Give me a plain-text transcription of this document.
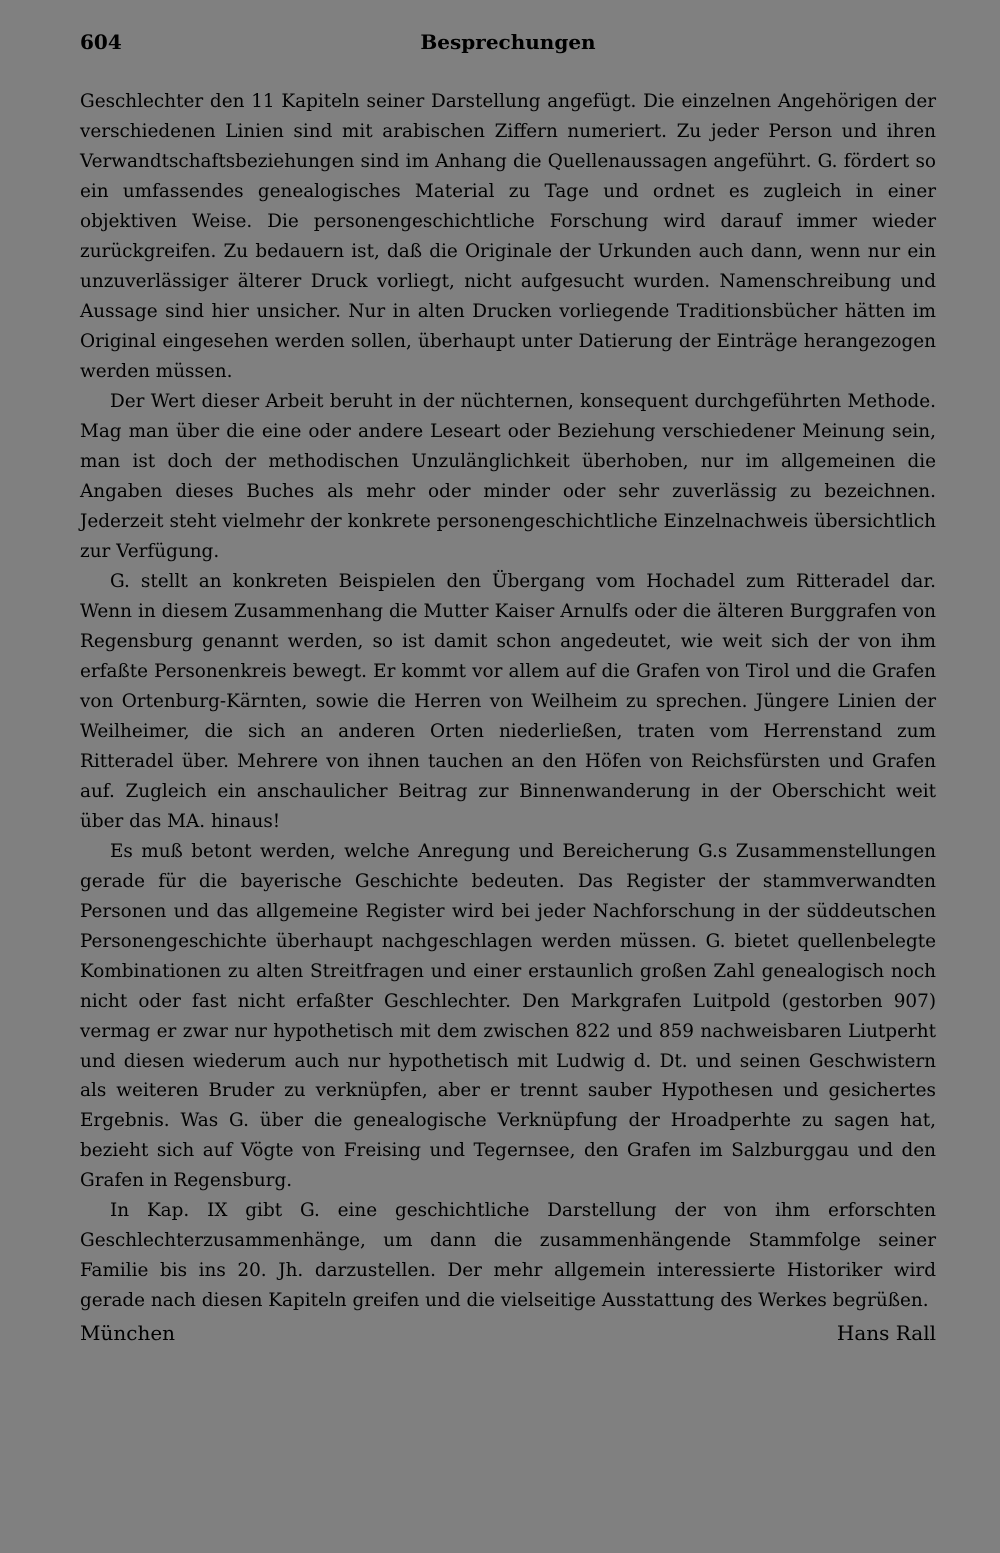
604	Besprechungen

Geschlechter den 11 Kapiteln seiner Darstellung angefügt. Die einzelnen Angehörigen der verschiedenen Linien sind mit arabischen Ziffern numeriert. Zu jeder Person und ihren Verwandtschaftsbeziehungen sind im Anhang die Quellenaussagen angeführt. G. fördert so ein umfassendes genealogisches Material zu Tage und ordnet es zugleich in einer objektiven Weise. Die personengeschichtliche Forschung wird darauf immer wieder zurückgreifen. Zu bedauern ist, daß die Originale der Urkunden auch dann, wenn nur ein unzuverlässiger älterer Druck vorliegt, nicht aufgesucht wurden. Namenschreibung und Aussage sind hier unsicher. Nur in alten Drucken vorliegende Traditionsbücher hätten im Original eingesehen werden sollen, überhaupt unter Datierung der Einträge herangezogen werden müssen.

Der Wert dieser Arbeit beruht in der nüchternen, konsequent durchgeführten Methode. Mag man über die eine oder andere Leseart oder Beziehung verschiedener Meinung sein, man ist doch der methodischen Unzulänglichkeit überhoben, nur im allgemeinen die Angaben dieses Buches als mehr oder minder oder sehr zuverlässig zu bezeichnen. Jederzeit steht vielmehr der konkrete personengeschichtliche Einzelnachweis übersichtlich zur Verfügung.

G. stellt an konkreten Beispielen den Übergang vom Hochadel zum Ritteradel dar. Wenn in diesem Zusammenhang die Mutter Kaiser Arnulfs oder die älteren Burggrafen von Regensburg genannt werden, so ist damit schon angedeutet, wie weit sich der von ihm erfaßte Personenkreis bewegt. Er kommt vor allem auf die Grafen von Tirol und die Grafen von Ortenburg-Kärnten, sowie die Herren von Weilheim zu sprechen. Jüngere Linien der Weilheimer, die sich an anderen Orten niederließen, traten vom Herrenstand zum Ritteradel über. Mehrere von ihnen tauchen an den Höfen von Reichsfürsten und Grafen auf. Zugleich ein anschaulicher Beitrag zur Binnenwanderung in der Oberschicht weit über das MA. hinaus!

Es muß betont werden, welche Anregung und Bereicherung G.s Zusammenstellungen gerade für die bayerische Geschichte bedeuten. Das Register der stammverwandten Personen und das allgemeine Register wird bei jeder Nachforschung in der süddeutschen Personengeschichte überhaupt nachgeschlagen werden müssen. G. bietet quellenbelegte Kombinationen zu alten Streitfragen und einer erstaunlich großen Zahl genealogisch noch nicht oder fast nicht erfaßter Geschlechter. Den Markgrafen Luitpold (gestorben 907) vermag er zwar nur hypothetisch mit dem zwischen 822 und 859 nachweisbaren Liutperht und diesen wiederum auch nur hypothetisch mit Ludwig d. Dt. und seinen Geschwistern als weiteren Bruder zu verknüpfen, aber er trennt sauber Hypothesen und gesichertes Ergebnis. Was G. über die genealogische Verknüpfung der Hroadperhte zu sagen hat, bezieht sich auf Vögte von Freising und Tegernsee, den Grafen im Salzburggau und den Grafen in Regensburg.

In Kap. IX gibt G. eine geschichtliche Darstellung der von ihm erforschten Geschlechterzusammenhänge, um dann die zusammenhängende Stammfolge seiner Familie bis ins 20. Jh. darzustellen. Der mehr allgemein interessierte Historiker wird gerade nach diesen Kapiteln greifen und die vielseitige Ausstattung des Werkes begrüßen.

München	Hans Rall
